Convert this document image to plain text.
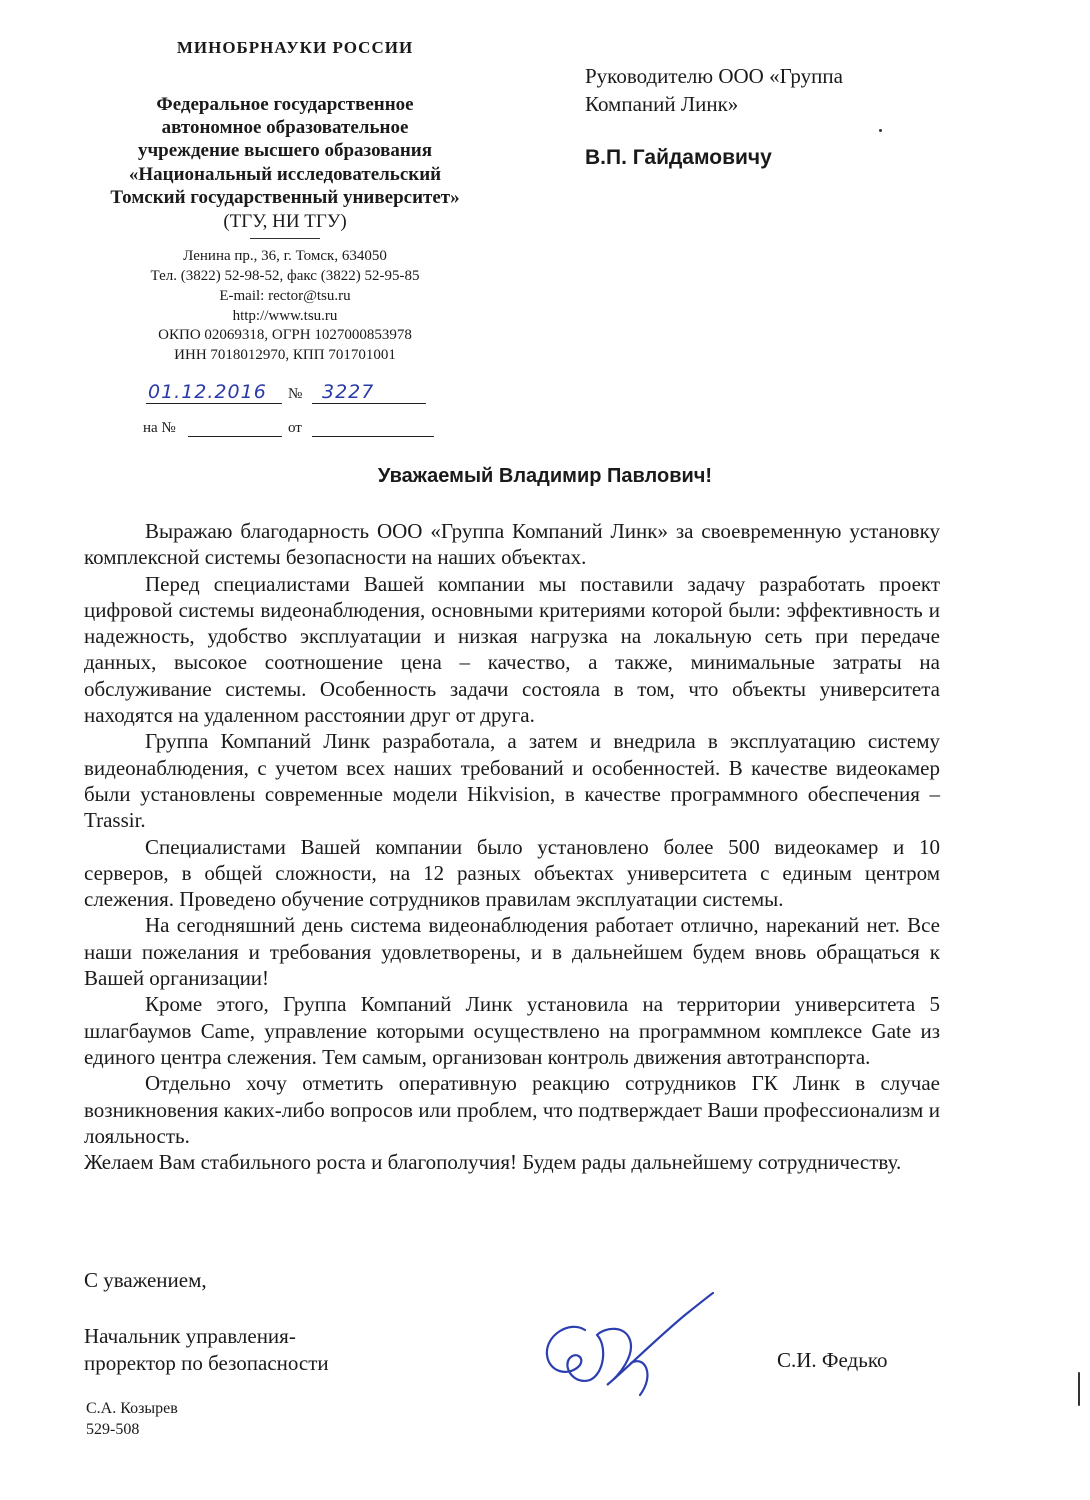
МИНОБРНАУКИ РОССИИ
Федеральное государственное
автономное образовательное
учреждение высшего образования
«Национальный исследовательский
Томский государственный университет»
(ТГУ, НИ ТГУ)
Ленина пр., 36, г. Томск, 634050
Тел. (3822) 52-98-52, факс (3822) 52-95-85
E-mail: rector@tsu.ru
http://www.tsu.ru
ОКПО 02069318, ОГРН 1027000853978
ИНН 7018012970, КПП 701701001
01.12.2016 № 3227
на №	от
Руководителю ООО «Группа
Компаний Линк»
В.П. Гайдамовичу
Уважаемый Владимир Павлович!

Выражаю благодарность ООО «Группа Компаний Линк» за своевременную установку комплексной системы безопасности на наших объектах.

Перед специалистами Вашей компании мы поставили задачу разработать проект цифровой системы видеонаблюдения, основными критериями которой были: эффективность и надежность, удобство эксплуатации и низкая нагрузка на локальную сеть при передаче данных, высокое соотношение цена – качество, а также, минимальные затраты на обслуживание системы. Особенность задачи состояла в том, что объекты университета находятся на удаленном расстоянии друг от друга.

Группа Компаний Линк разработала, а затем и внедрила в эксплуатацию систему видеонаблюдения, с учетом всех наших требований и особенностей. В качестве видеокамер были установлены современные модели Hikvision, в качестве программного обеспечения – Trassir.

Специалистами Вашей компании было установлено более 500 видеокамер и 10 серверов, в общей сложности, на 12 разных объектах университета с единым центром слежения. Проведено обучение сотрудников правилам эксплуатации системы.

На сегодняшний день система видеонаблюдения работает отлично, нареканий нет. Все наши пожелания и требования удовлетворены, и в дальнейшем будем вновь обращаться к Вашей организации!

Кроме этого, Группа Компаний Линк установила на территории университета 5 шлагбаумов Came, управление которыми осуществлено на программном комплексе Gate из единого центра слежения. Тем самым, организован контроль движения автотранспорта.

Отдельно хочу отметить оперативную реакцию сотрудников ГК Линк в случае возникновения каких-либо вопросов или проблем, что подтверждает Ваши профессионализм и лояльность.

Желаем Вам стабильного роста и благополучия! Будем рады дальнейшему сотрудничеству.

С уважением,
Начальник управления-
проректор по безопасности	С.И. Федько
С.А. Козырев
529-508
